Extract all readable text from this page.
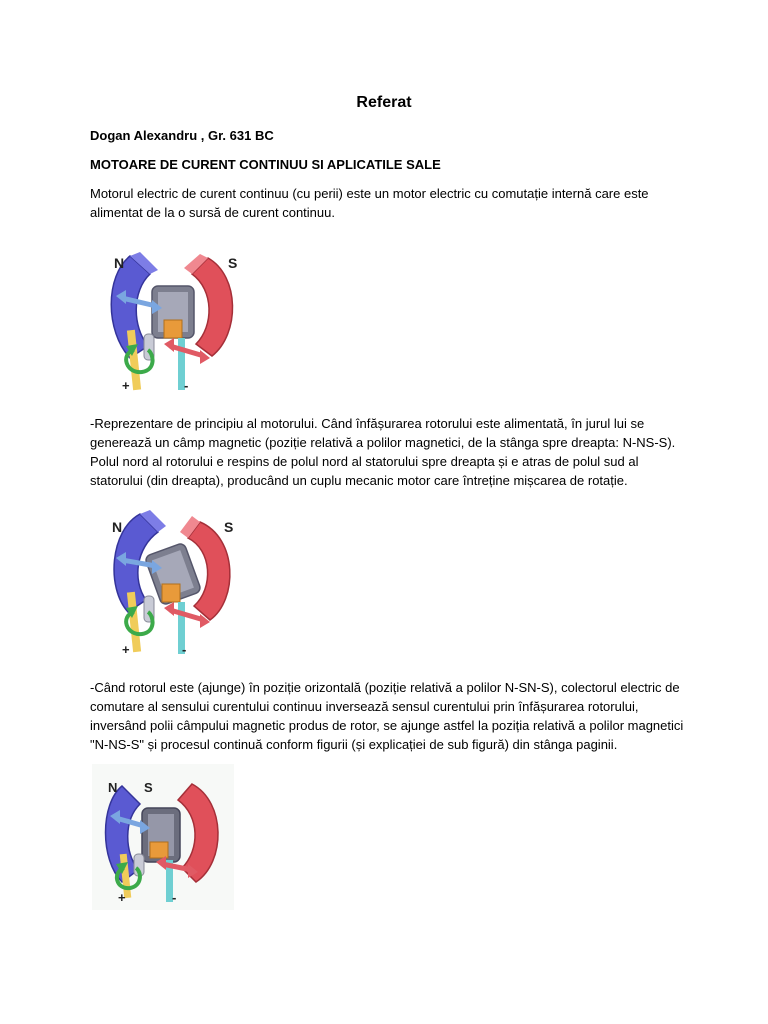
Referat
Dogan Alexandru , Gr. 631 BC
MOTOARE DE CURENT CONTINUU SI APLICATILE SALE
Motorul electric de curent continuu (cu perii) este un motor electric cu comutație internă care este
alimentat de la o sursă de curent continuu.
N	S
+	-
-Reprezentare de principiu al motorului. Când înfășurarea rotorului este alimentată, în jurul lui se
generează un câmp magnetic (poziție relativă a polilor magnetici, de la stânga spre dreapta: N-NS-S).
Polul nord al rotorului e respins de polul nord al statorului spre dreapta și e atras de polul sud al
statorului (din dreapta), producând un cuplu mecanic motor care întreține mișcarea de rotație.
N	S
+	-
-Când rotorul este (ajunge) în poziție orizontală (poziție relativă a polilor N-SN-S), colectorul electric de
comutare al sensului curentului continuu inversează sensul curentului prin înfășurarea rotorului,
inversând polii câmpului magnetic produs de rotor, se ajunge astfel la poziția relativă a polilor magnetici
"N-NS-S" și procesul continuă conform figurii (și explicației de sub figură) din stânga paginii.
N S
+	-
